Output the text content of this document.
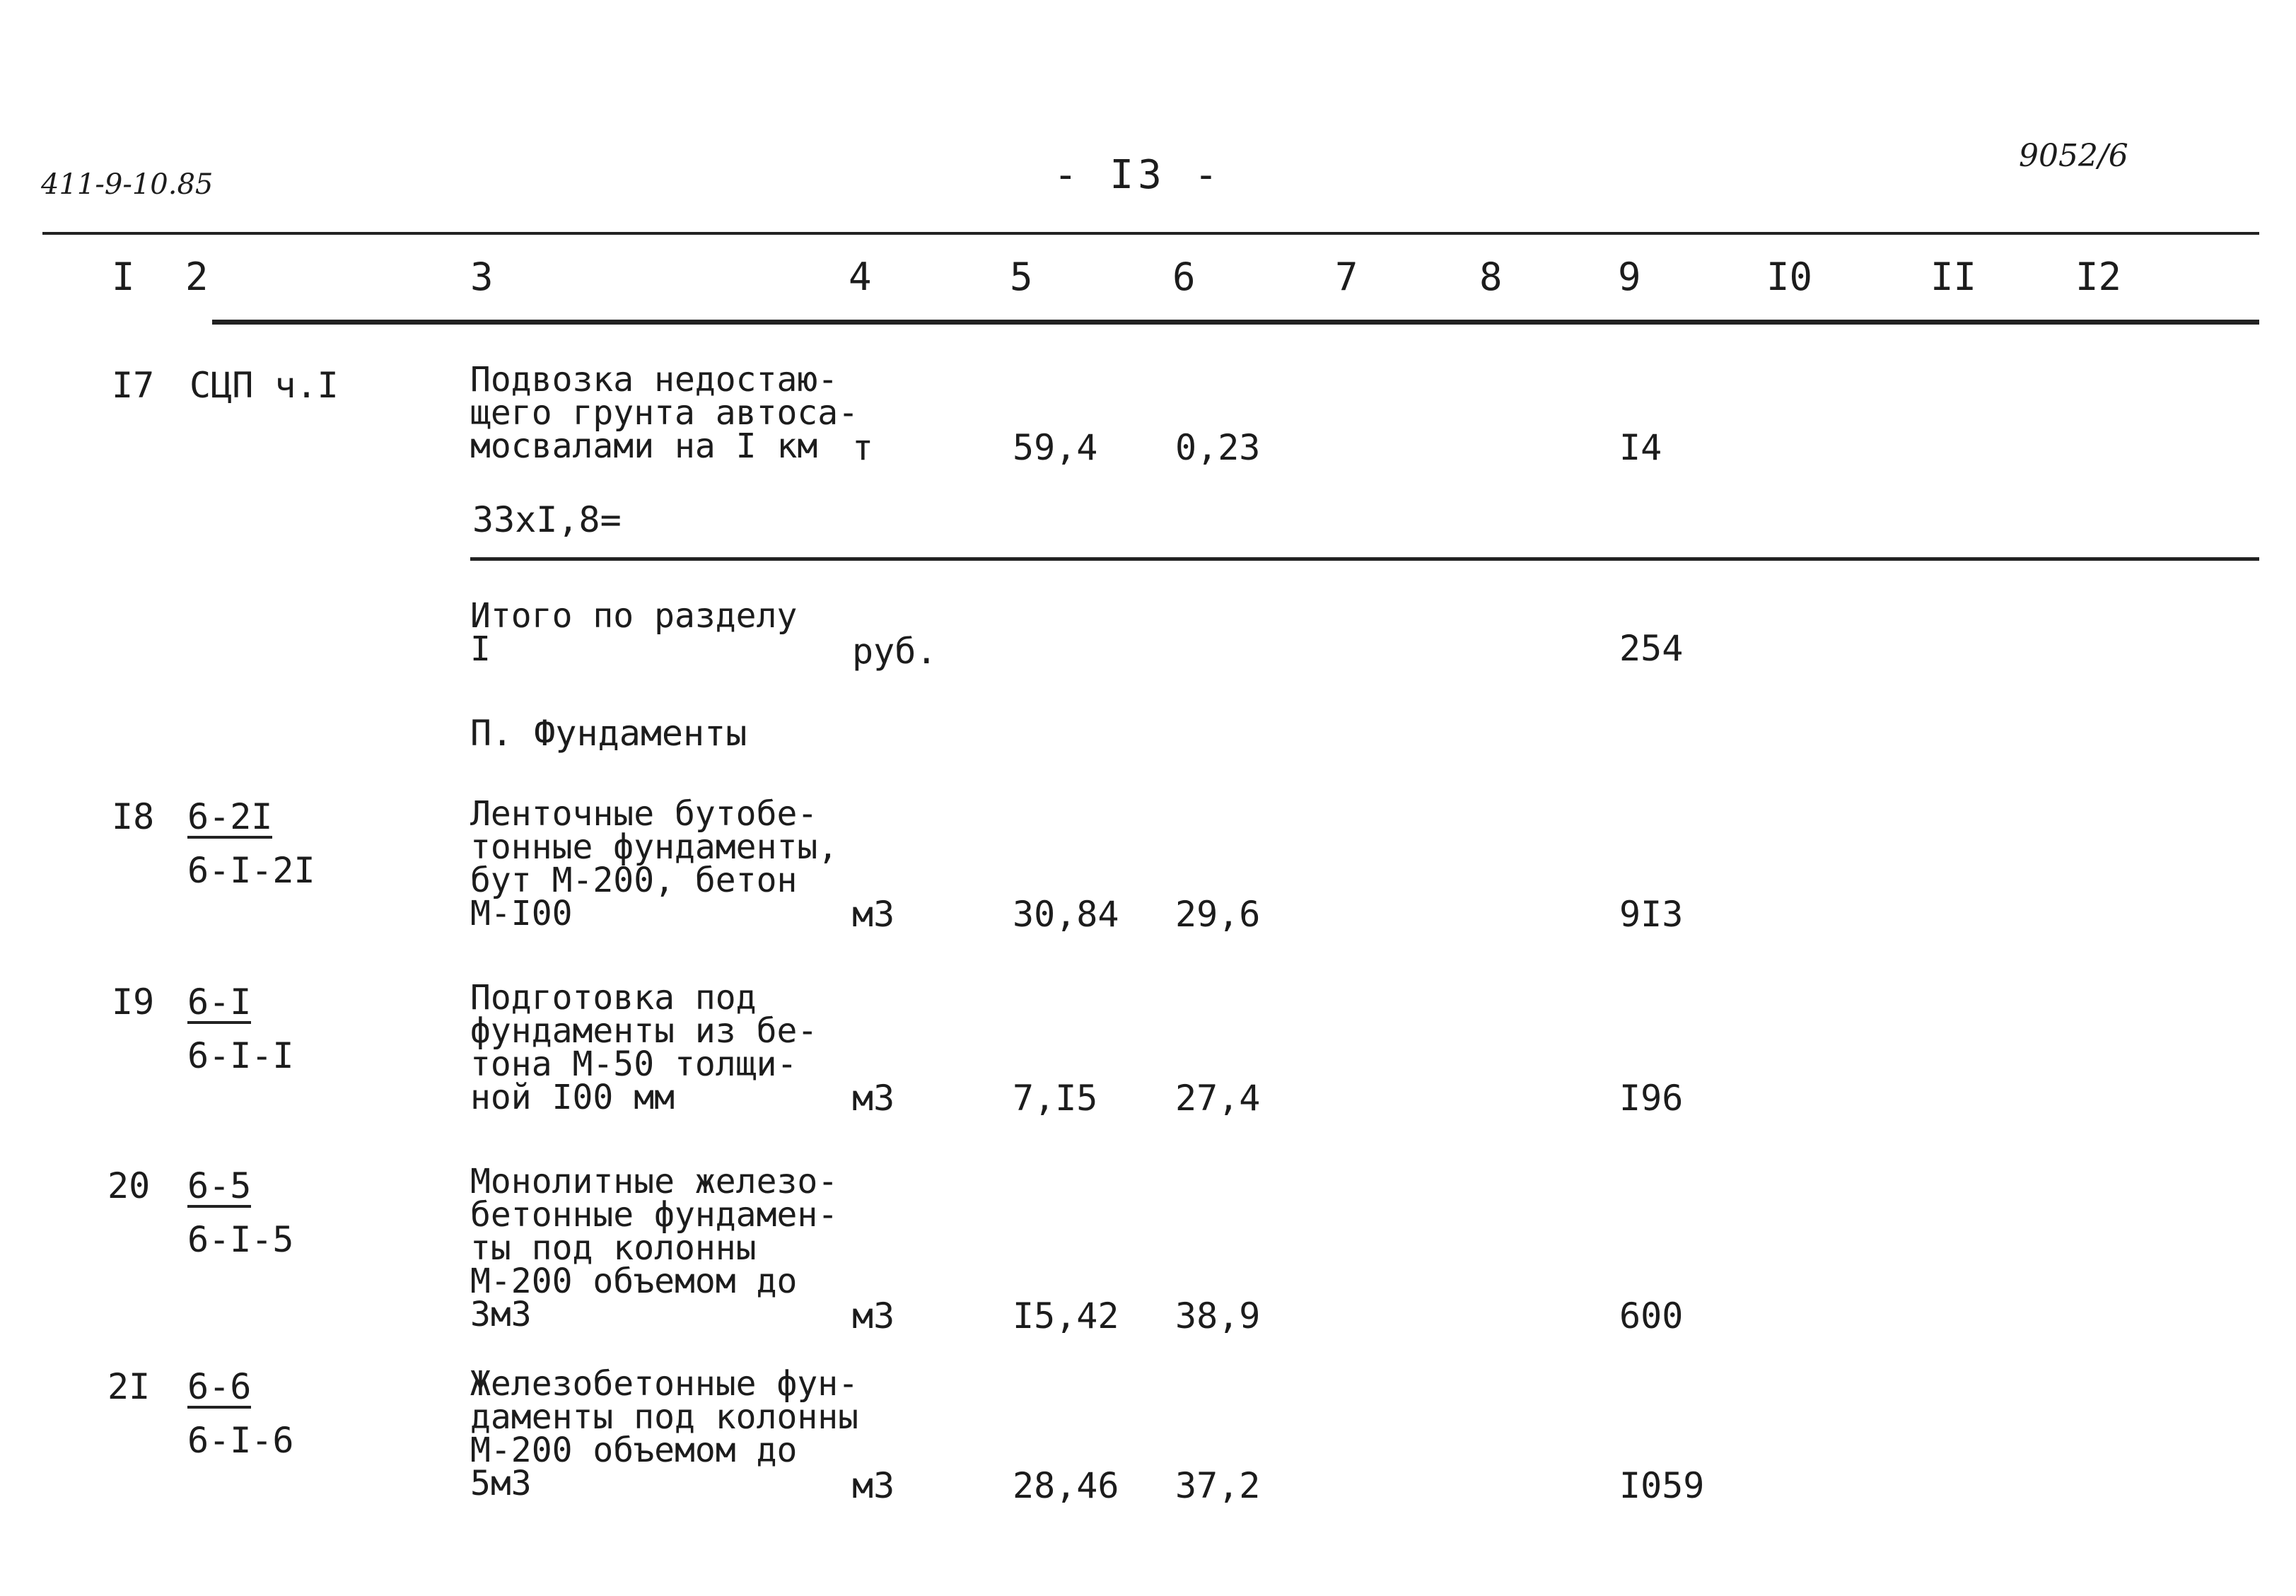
411-9-10.85	- I3 -	9052/6
I 2	3	4	5	6	7	8	9	I0	II	I2
I7 СЦП ч.I	Подвозка недостаю-
щего грунта автоса-
мосвалами на I км т	59,4 0,23	I4
33xI,8=
Итого по разделу
I	руб.	254
П. Фундаменты
$I8 \frac{6-2I}{6-I-2I}$	Ленточные бутобе-
тонные фундаменты,
бут М-200, бетон
М-I00	м3	30,84 29,6	9I3
$I9 \frac{6-I}{6-I-I}$	Подготовка под
фундаменты из бе-
тона М-50 толщи-
ной I00 мм	м3	7,I5 27,4	I96
$20 \frac{6-5}{6-I-5}$	Монолитные железо-
бетонные фундамен-
ты под колонны
М-200 объемом до
3м3	м3	I5,42 38,9	600
$2I \frac{6-6}{6-I-6}$	Железобетонные фун-
даменты под колонны
М-200 объемом до
5м3	м3	28,46 37,2	I059
